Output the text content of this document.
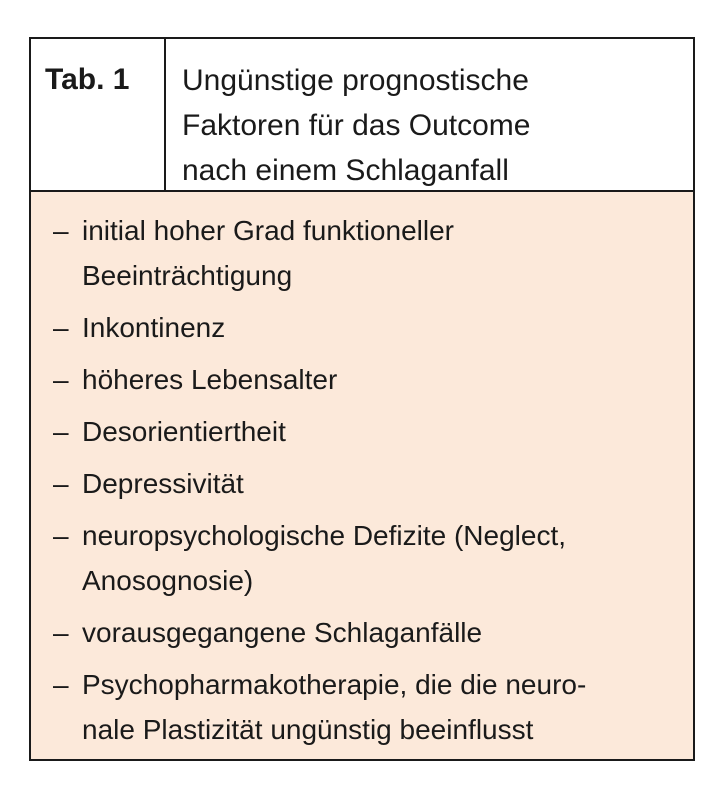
Tab. 1	Ungünstige prognostische
Faktoren für das Outcome
nach einem Schlaganfall
– initial hoher Grad funktioneller
Beeinträchtigung
– Inkontinenz
– höheres Lebensalter
– Desorientiertheit
– Depressivität
– neuropsychologische Defizite (Neglect,
Anosognosie)
– vorausgegangene Schlaganfälle
– Psychopharmakotherapie, die die neuro-
nale Plastizität ungünstig beeinflusst
